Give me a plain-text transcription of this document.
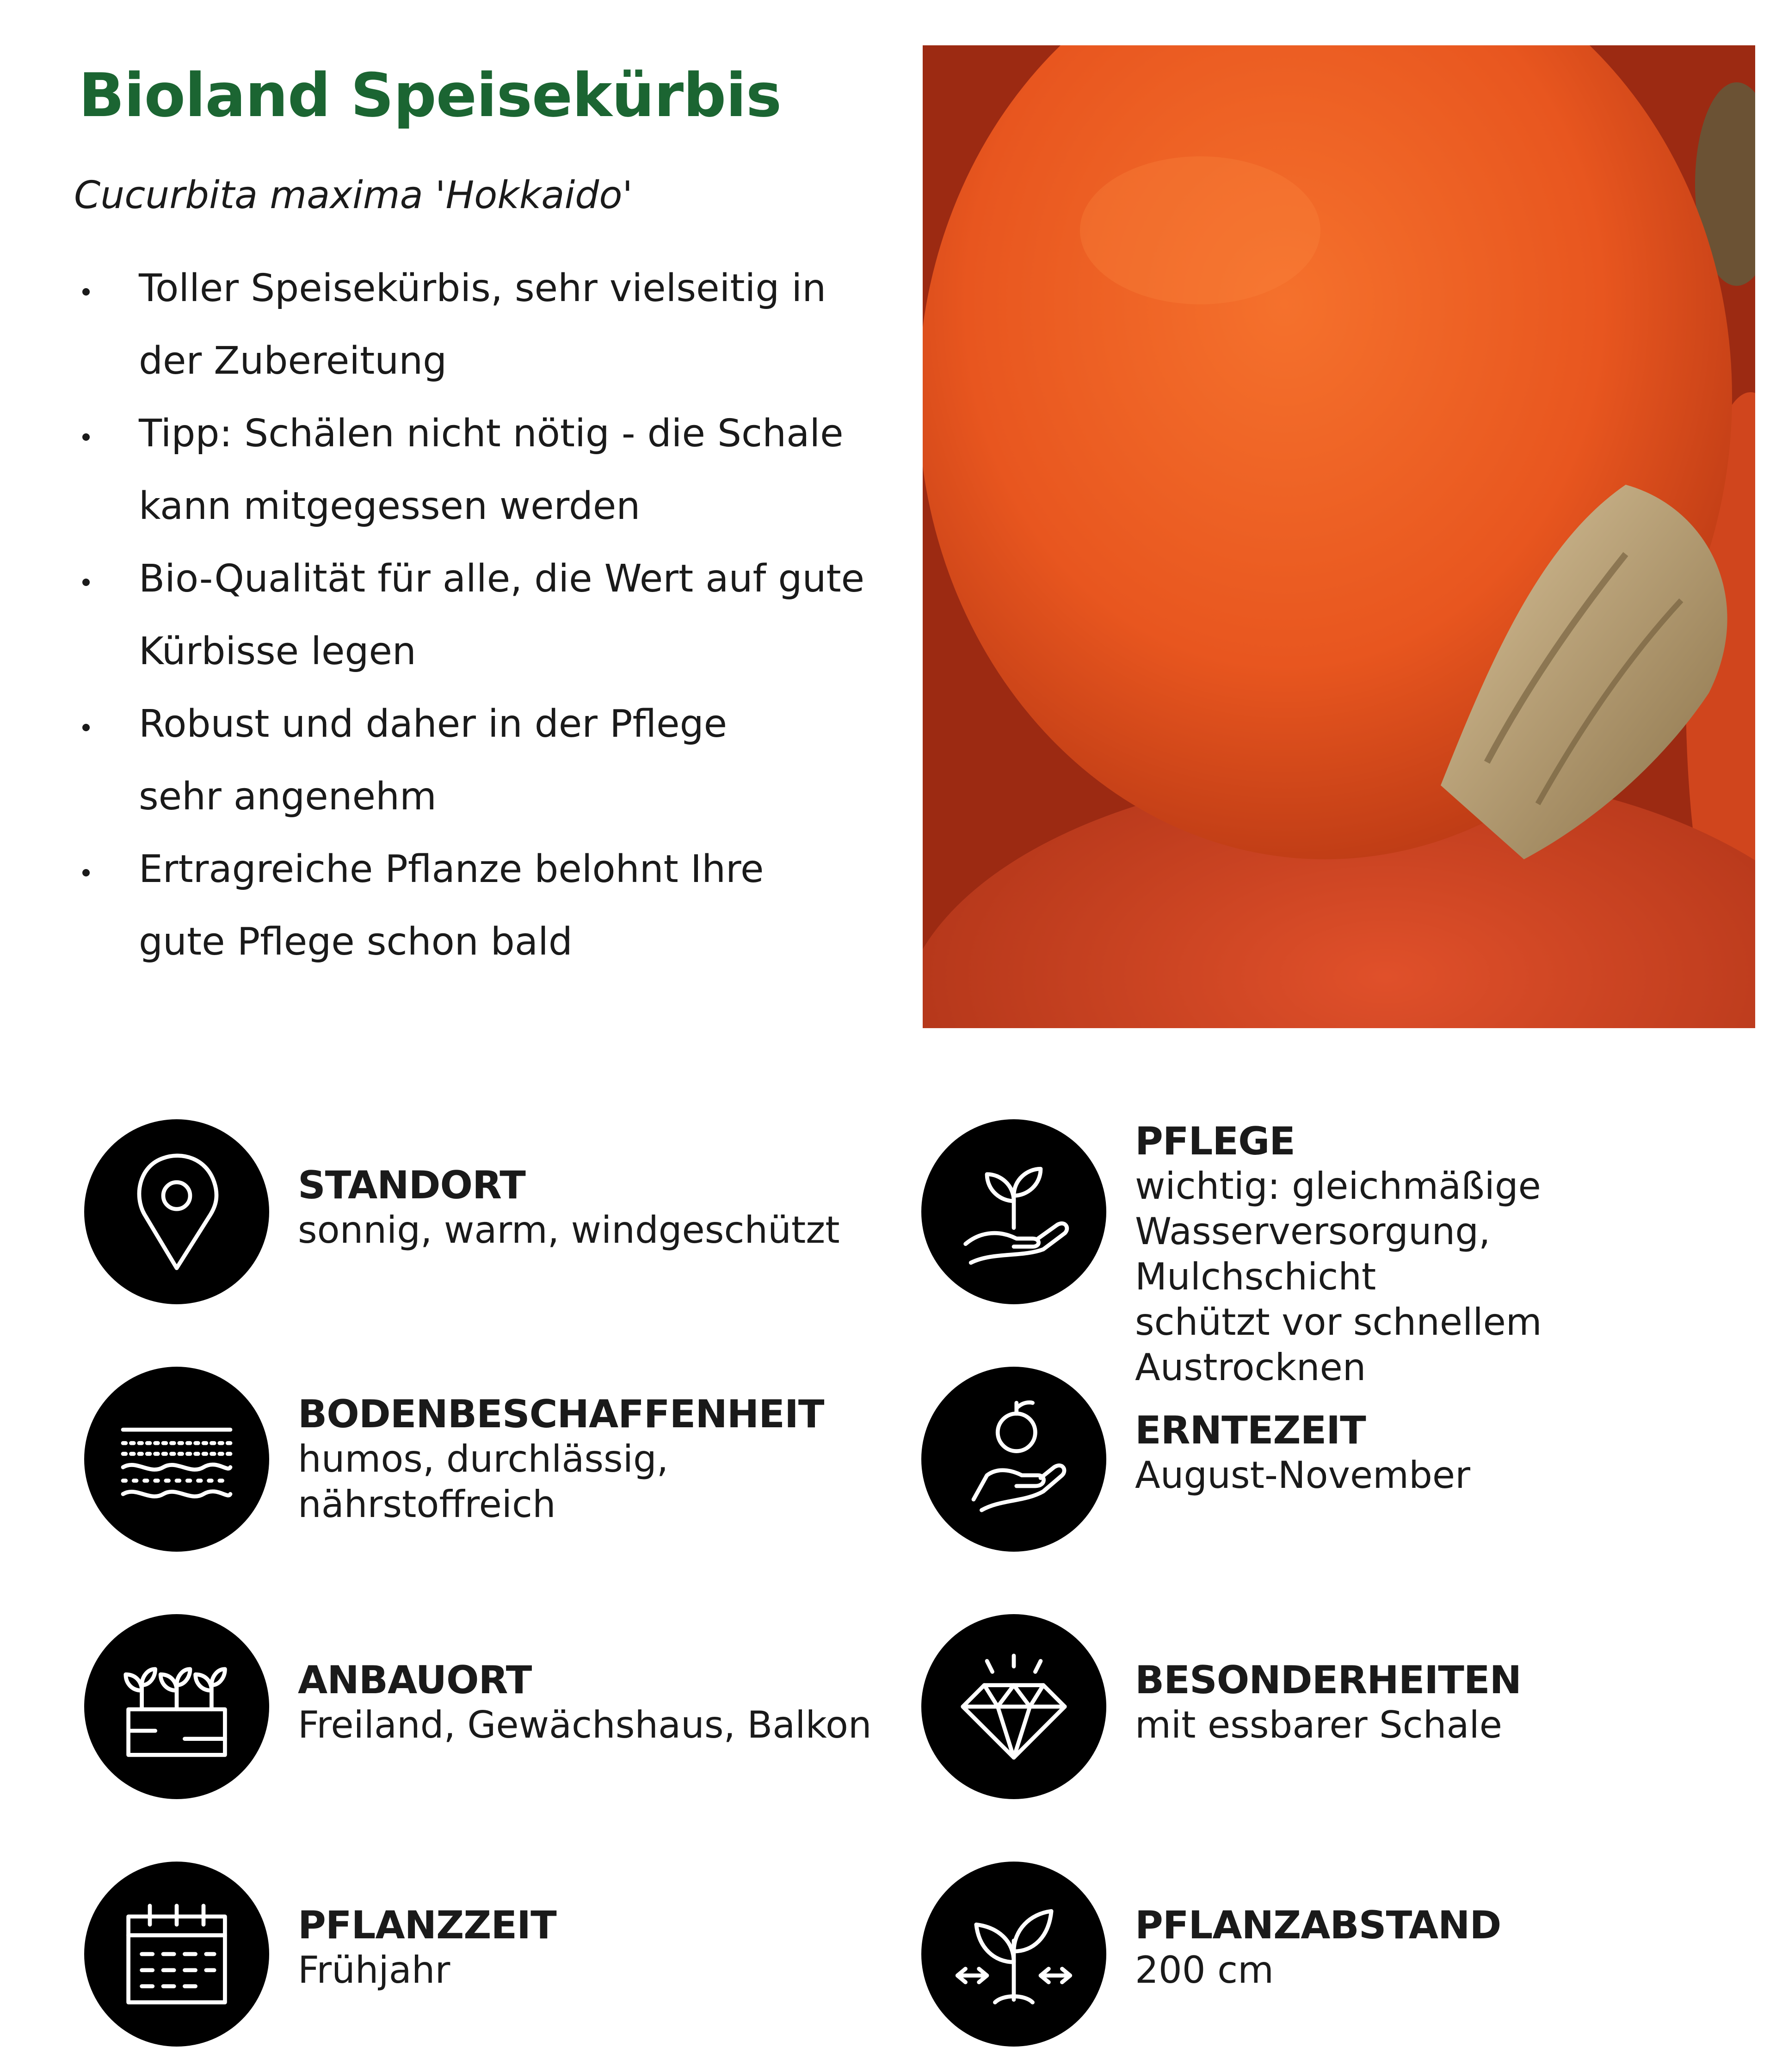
Bioland Speisekürbis

Cucurbita maxima 'Hokkaido'

Toller Speisekürbis, sehr vielseitig in
der Zubereitung
Tipp: Schälen nicht nötig - die Schale
kann mitgegessen werden
Bio-Qualität für alle, die Wert auf gute
Kürbisse legen
Robust und daher in der Pflege
sehr angenehm
Ertragreiche Pflanze belohnt Ihre
gute Pflege schon bald
STANDORT
sonnig, warm, windgeschützt
PFLEGE
wichtig: gleichmäßige
Wasserversorgung, Mulchschicht
schützt vor schnellem Austrocknen
BODENBESCHAFFENHEIT
humos, durchlässig,
nährstoffreich
ERNTEZEIT
August-November
ANBAUORT
Freiland, Gewächshaus, Balkon
BESONDERHEITEN
mit essbarer Schale
PFLANZZEIT
Frühjahr
PFLANZABSTAND
200 cm
